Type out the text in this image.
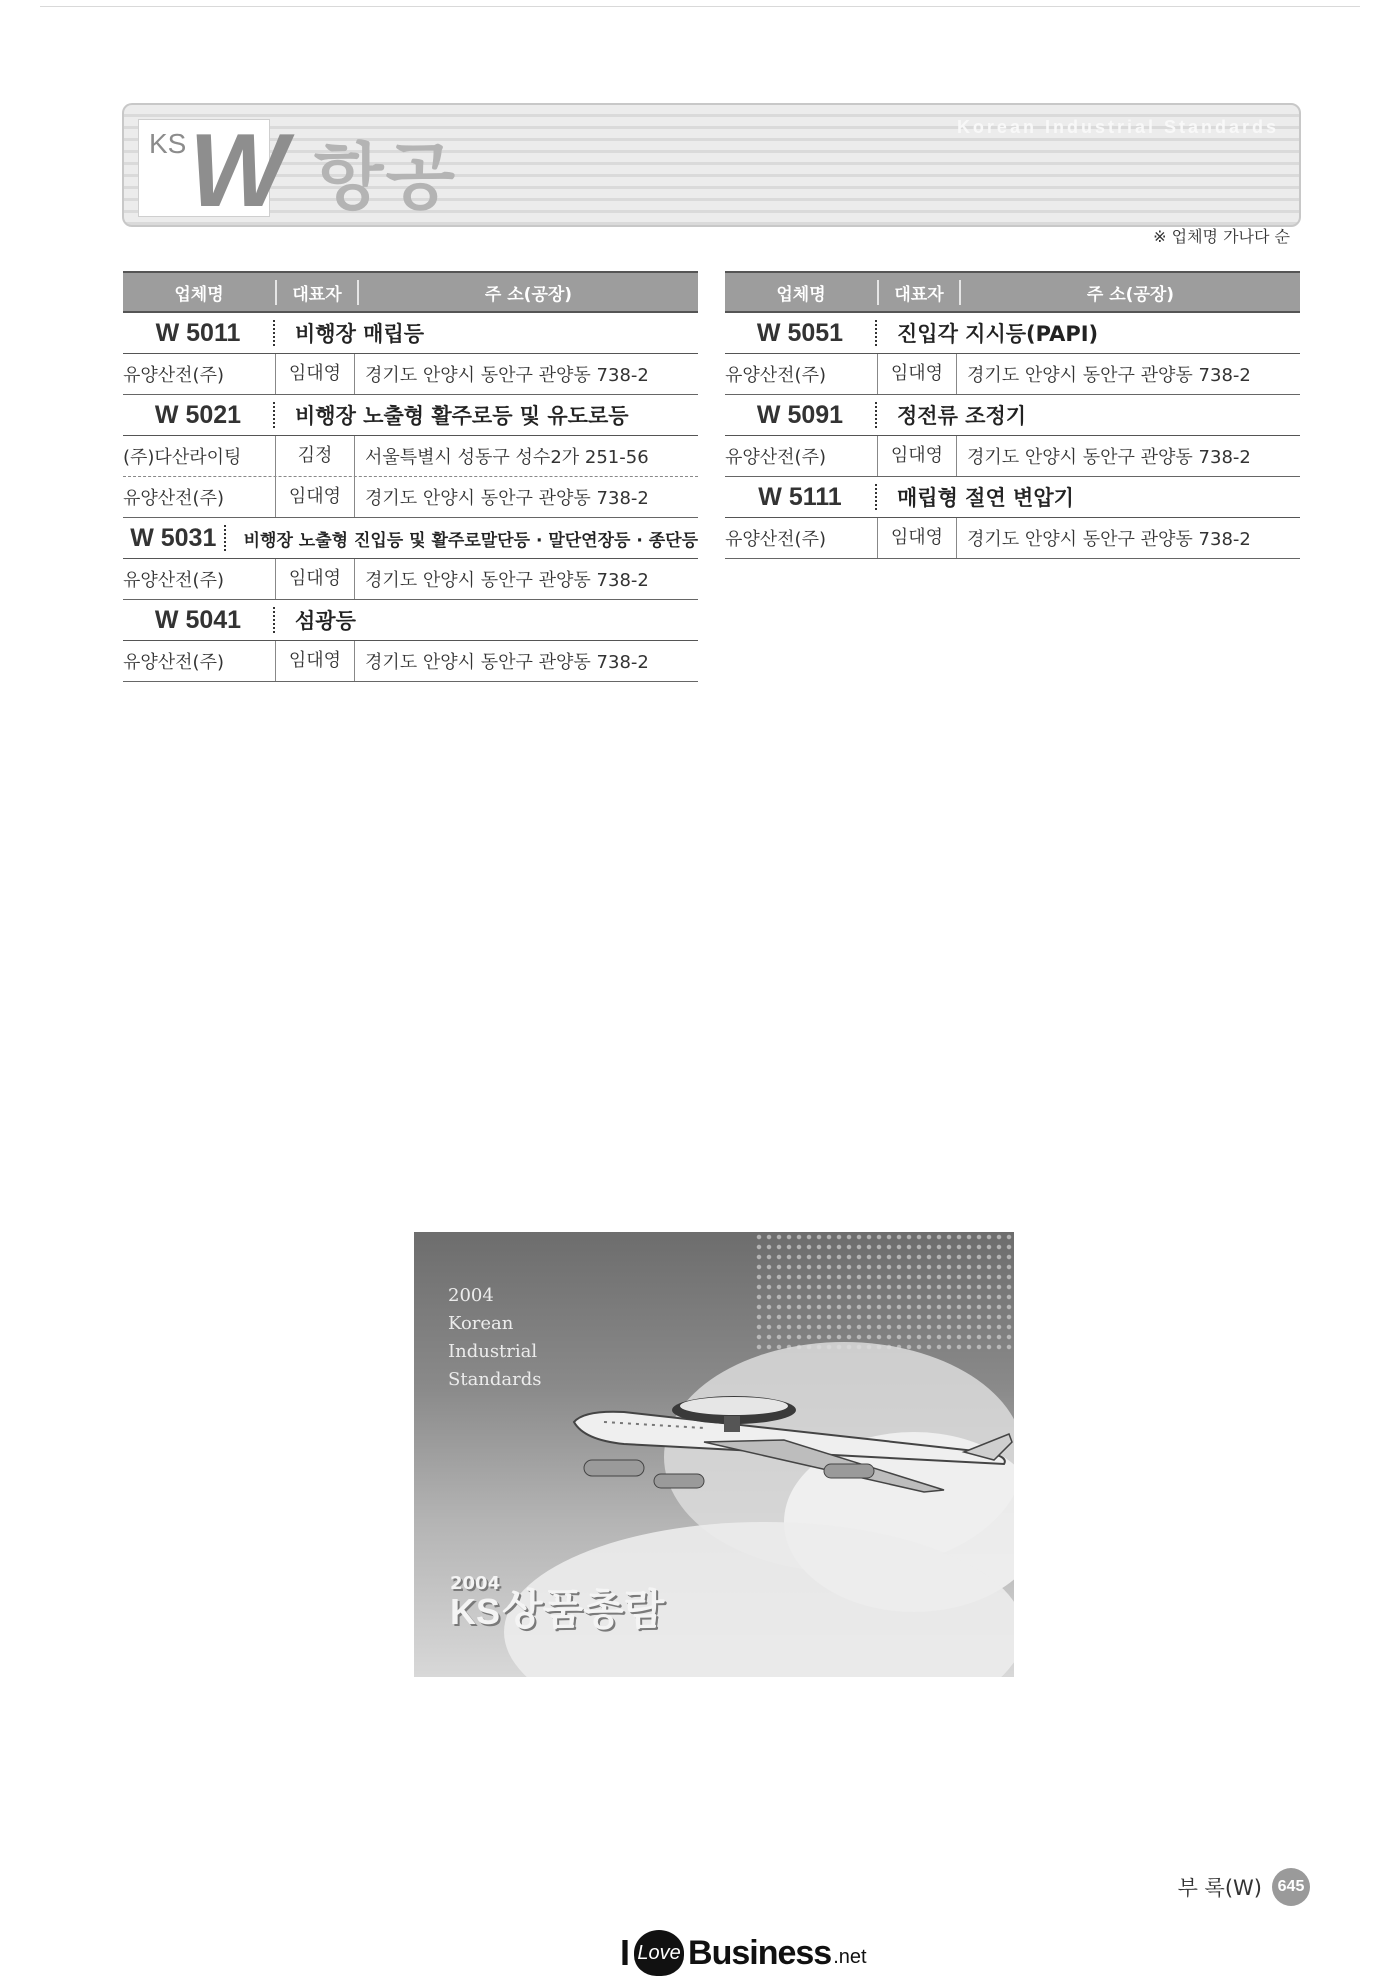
KS W 항공
Korean Industrial Standards
※ 업체명 가나다 순
업체명	대표자	주 소(공장)
W 5011	비행장 매립등
유양산전(주)	임대영	경기도 안양시 동안구 관양동 738-2
W 5021	비행장 노출형 활주로등 및 유도로등
(주)다산라이팅	김정	서울특별시 성동구 성수2가 251-56
유양산전(주)	임대영	경기도 안양시 동안구 관양동 738-2
W 5031	비행장 노출형 진입등 및 활주로말단등 · 말단연장등 · 종단등
유양산전(주)	임대영	경기도 안양시 동안구 관양동 738-2
W 5041	섬광등
유양산전(주)	임대영	경기도 안양시 동안구 관양동 738-2
업체명	대표자	주 소(공장)
W 5051	진입각 지시등(PAPI)
유양산전(주)	임대영	경기도 안양시 동안구 관양동 738-2
W 5091	정전류 조정기
유양산전(주)	임대영	경기도 안양시 동안구 관양동 738-2
W 5111	매립형 절연 변압기
유양산전(주)	임대영	경기도 안양시 동안구 관양동 738-2
2004
Korean
Industrial
Standards
2004
KS상품총람
부 록(W) 645
I Love Business .net
